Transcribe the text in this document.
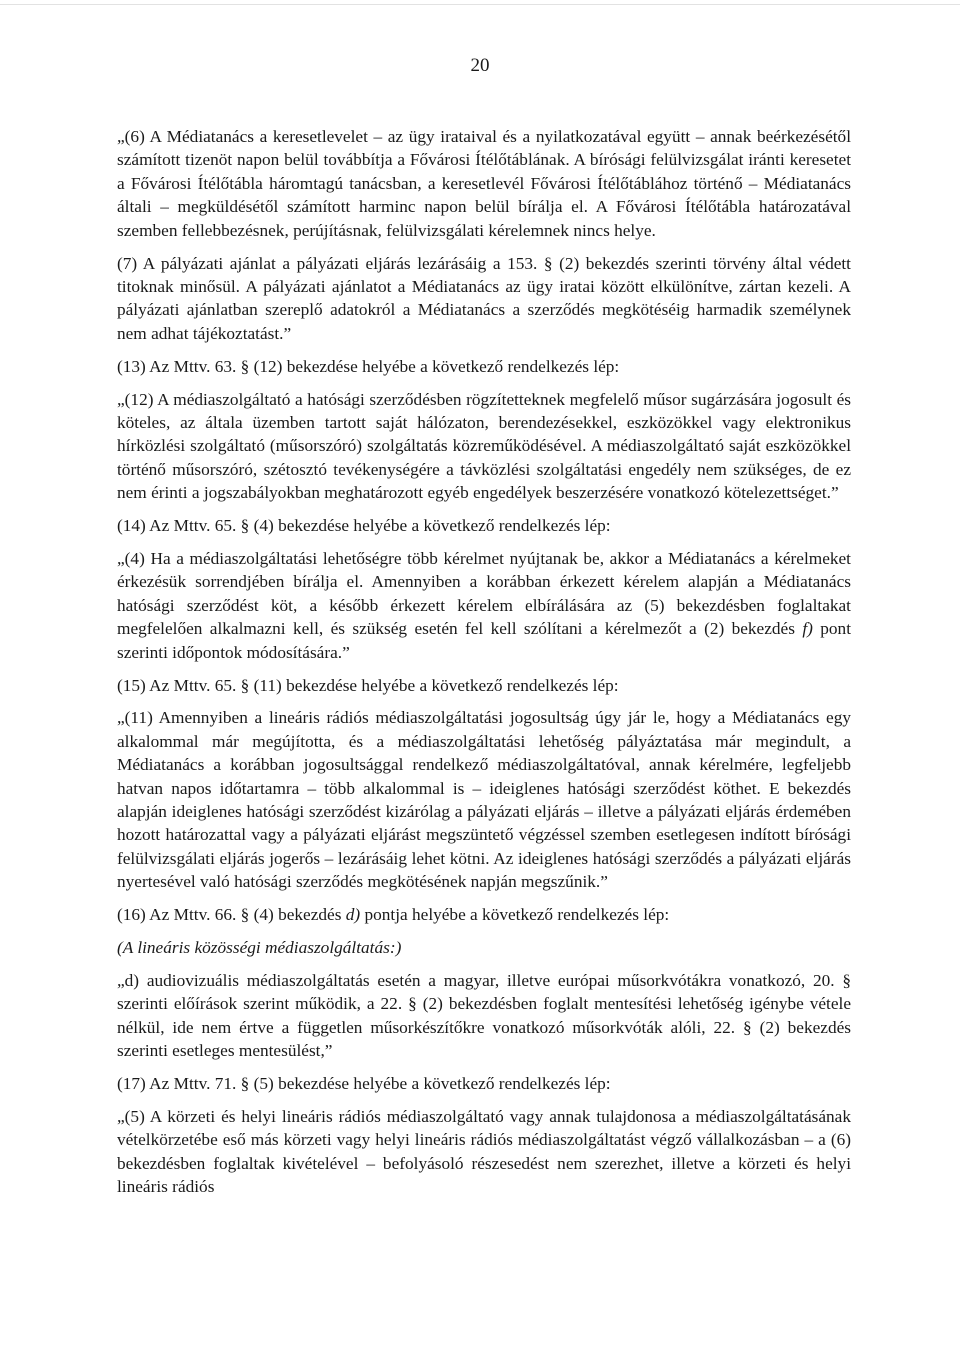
20

„(6) A Médiatanács a keresetlevelet – az ügy irataival és a nyilatkozatával együtt – annak beérkezésétől számított tizenöt napon belül továbbítja a Fővárosi Ítélőtáblának. A bírósági felülvizsgálat iránti keresetet a Fővárosi Ítélőtábla háromtagú tanácsban, a keresetlevél Fővárosi Ítélőtáblához történő – Médiatanács általi – megküldésétől számított harminc napon belül bírálja el. A Fővárosi Ítélőtábla határozatával szemben fellebbezésnek, perújításnak, felülvizsgálati kérelemnek nincs helye.

(7) A pályázati ajánlat a pályázati eljárás lezárásáig a 153. § (2) bekezdés szerinti törvény által védett titoknak minősül. A pályázati ajánlatot a Médiatanács az ügy iratai között elkülönítve, zártan kezeli. A pályázati ajánlatban szereplő adatokról a Médiatanács a szerződés megkötéséig harmadik személynek nem adhat tájékoztatást.”

(13) Az Mttv. 63. § (12) bekezdése helyébe a következő rendelkezés lép:

„(12) A médiaszolgáltató a hatósági szerződésben rögzítetteknek megfelelő műsor sugárzására jogosult és köteles, az általa üzemben tartott saját hálózaton, berendezésekkel, eszközökkel vagy elektronikus hírközlési szolgáltató (műsorszóró) szolgáltatás közreműködésével. A médiaszolgáltató saját eszközökkel történő műsorszóró, szétosztó tevékenységére a távközlési szolgáltatási engedély nem szükséges, de ez nem érinti a jogszabályokban meghatározott egyéb engedélyek beszerzésére vonatkozó kötelezettséget.”

(14) Az Mttv. 65. § (4) bekezdése helyébe a következő rendelkezés lép:

„(4) Ha a médiaszolgáltatási lehetőségre több kérelmet nyújtanak be, akkor a Médiatanács a kérelmeket érkezésük sorrendjében bírálja el. Amennyiben a korábban érkezett kérelem alapján a Médiatanács hatósági szerződést köt, a később érkezett kérelem elbírálására az (5) bekezdésben foglaltakat megfelelően alkalmazni kell, és szükség esetén fel kell szólítani a kérelmezőt a (2) bekezdés f) pont szerinti időpontok módosítására.”

(15) Az Mttv. 65. § (11) bekezdése helyébe a következő rendelkezés lép:

„(11) Amennyiben a lineáris rádiós médiaszolgáltatási jogosultság úgy jár le, hogy a Médiatanács egy alkalommal már megújította, és a médiaszolgáltatási lehetőség pályáztatása már megindult, a Médiatanács a korábban jogosultsággal rendelkező médiaszolgáltatóval, annak kérelmére, legfeljebb hatvan napos időtartamra – több alkalommal is – ideiglenes hatósági szerződést köthet. E bekezdés alapján ideiglenes hatósági szerződést kizárólag a pályázati eljárás – illetve a pályázati eljárás érdemében hozott határozattal vagy a pályázati eljárást megszüntető végzéssel szemben esetlegesen indított bírósági felülvizsgálati eljárás jogerős – lezárásáig lehet kötni. Az ideiglenes hatósági szerződés a pályázati eljárás nyertesével való hatósági szerződés megkötésének napján megszűnik.”

(16) Az Mttv. 66. § (4) bekezdés d) pontja helyébe a következő rendelkezés lép:

(A lineáris közösségi médiaszolgáltatás:)

„d) audiovizuális médiaszolgáltatás esetén a magyar, illetve európai műsorkvótákra vonatkozó, 20. § szerinti előírások szerint működik, a 22. § (2) bekezdésben foglalt mentesítési lehetőség igénybe vétele nélkül, ide nem értve a független műsorkészítőkre vonatkozó műsorkvóták alóli, 22. § (2) bekezdés szerinti esetleges mentesülést,”

(17) Az Mttv. 71. § (5) bekezdése helyébe a következő rendelkezés lép:

„(5) A körzeti és helyi lineáris rádiós médiaszolgáltató vagy annak tulajdonosa a médiaszolgáltatásának vételkörzetébe eső más körzeti vagy helyi lineáris rádiós médiaszolgáltatást végző vállalkozásban – a (6) bekezdésben foglaltak kivételével – befolyásoló részesedést nem szerezhet, illetve a körzeti és helyi lineáris rádiós
